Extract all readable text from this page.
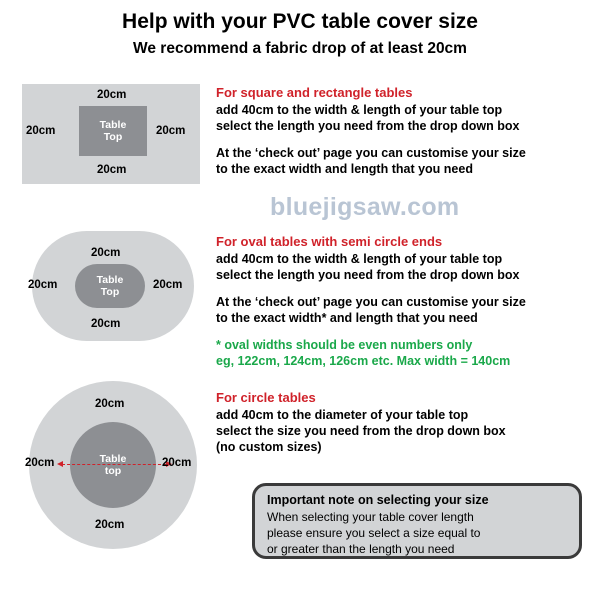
Help with your PVC table cover size
We recommend a fabric drop of at least 20cm
bluejigsaw.com
Table
Top
20cm
20cm
20cm	20cm

For square and rectangle tables

add 40cm to the width & length of your table top

select the length you need from the drop down box

At the ‘check out’ page you can customise your size

to the exact width and length that you need

Table
Top
20cm
20cm
20cm	20cm

For oval tables with semi circle ends

add 40cm to the width & length of your table top

select the length you need from the drop down box

At the ‘check out’ page you can customise your size

to the exact width* and length that you need

* oval widths should be even numbers only

eg, 122cm, 124cm, 126cm etc. Max width = 140cm

Table
top
20cm
20cm
20cm	20cm

For circle tables

add 40cm to the diameter of your table top

select the size you need from the drop down box

(no custom sizes)

Important note on selecting your size

When selecting your table cover length

please ensure you select a size equal to

or greater than the length you need
